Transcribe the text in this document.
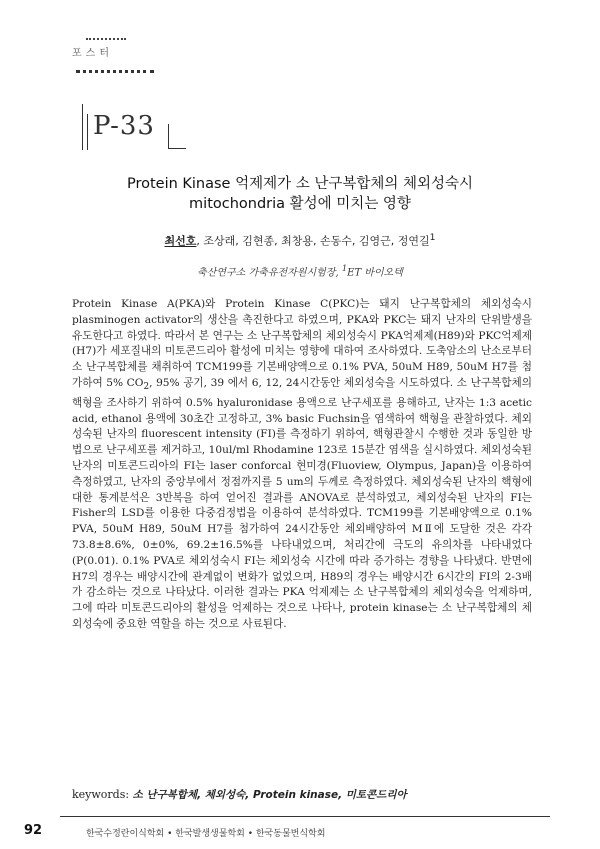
포스터
P-33
Protein Kinase 억제제가 소 난구복합체의 체외성숙시
mitochondria 활성에 미치는 영향
최선호, 조상래, 김현종, 최창용, 손동수, 김영근, 정연길$^1$
축산연구소 가축유전자원시험장, $^1$ET 바이오텍

Protein Kinase A(PKA)와 Protein Kinase C(PKC)는 돼지 난구복합체의 체외성숙시 plasminogen activator의 생산을 촉진한다고 하였으며, PKA와 PKC는 돼지 난자의 단위발생을 유도한다고 하였다. 따라서 본 연구는 소 난구복합체의 체외성숙시 PKA억제제(H89)와 PKC억제제(H7)가 세포질내의 미토콘드리아 활성에 미치는 영향에 대하여 조사하였다. 도축암소의 난소로부터 소 난구복합체를 채취하여 TCM199를 기본배양액으로 0.1% PVA, 50uM H89, 50uM H7를 첨가하여 5% $CO_2$, 95% 공기, 39 에서 6, 12, 24시간동안 체외성숙을 시도하였다. 소 난구복합체의 핵형을 조사하기 위하여 0.5% hyaluronidase 용액으로 난구세포를 용해하고, 난자는 1:3 acetic acid, ethanol 용액에 30초간 고정하고, 3% basic Fuchsin을 염색하여 핵형을 관찰하였다. 체외성숙된 난자의 fluorescent intensity (FI)를 측정하기 위하여, 핵형관찰시 수행한 것과 동일한 방법으로 난구세포를 제거하고, 10ul/ml Rhodamine 123로 15분간 염색을 실시하였다. 체외성숙된 난자의 미토콘드리아의 FI는 laser conforcal 현미경(Fluoview, Olympus, Japan)을 이용하여 측정하였고, 난자의 중앙부에서 정점까지를 5 um의 두께로 측정하였다. 체외성숙된 난자의 핵형에 대한 통계분석은 3반복을 하여 얻어진 결과를 ANOVA로 분석하였고, 체외성숙된 난자의 FI는 Fisher의 LSD를 이용한 다중검정법을 이용하여 분석하였다. TCM199를 기본배양액으로 0.1% PVA, 50uM H89, 50uM H7를 첨가하여 24시간동안 체외배양하여 MⅡ에 도달한 것은 각각 73.8±8.6%, 0±0%, 69.2±16.5%를 나타내었으며, 처리간에 극도의 유의차를 나타내었다(P(0.01). 0.1% PVA로 체외성숙시 FI는 체외성숙 시간에 따라 증가하는 경향을 나타냈다. 반면에 H7의 경우는 배양시간에 관계없이 변화가 없었으며, H89의 경우는 배양시간 6시간의 FI의 2-3배가 감소하는 것으로 나타났다. 이러한 결과는 PKA 억제제는 소 난구복합체의 체외성숙을 억제하며, 그에 따라 미토콘드리아의 활성을 억제하는 것으로 나타나, protein kinase는 소 난구복합체의 체외성숙에 중요한 역할을 하는 것으로 사료된다.

keywords: 소 난구복합체, 체외성숙, Protein kinase, 미토콘드리아
92	한국수정란이식학회 • 한국발생생물학회 • 한국동물번식학회
